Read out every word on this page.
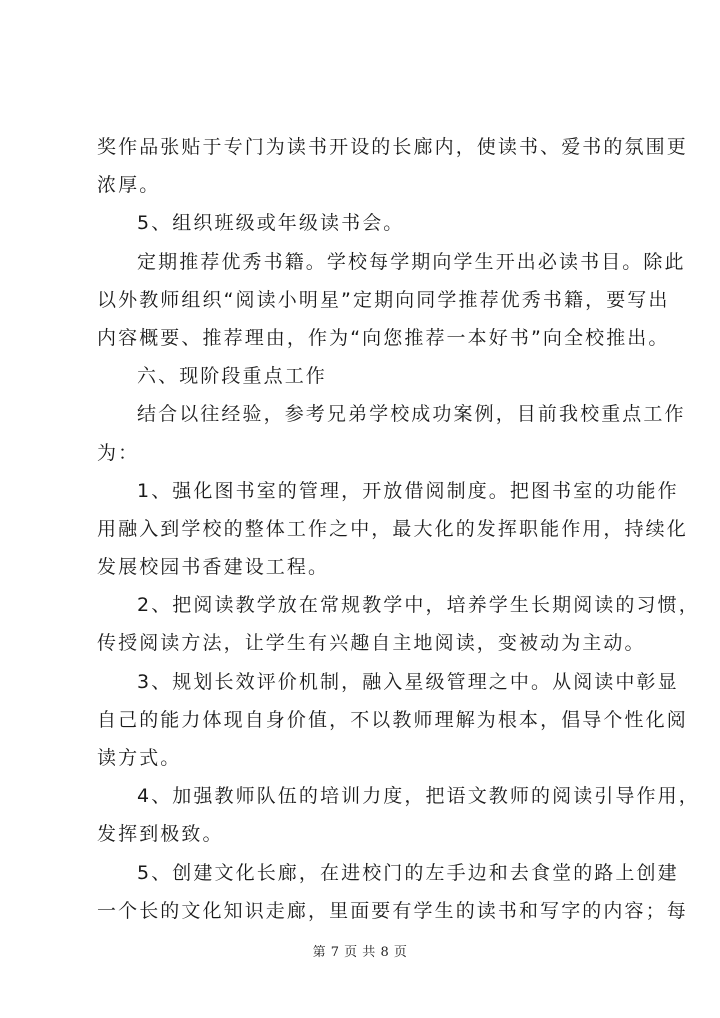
奖作品张贴于专门为读书开设的长廊内，使读书、爱书的氛围更
浓厚。
5、组织班级或年级读书会。
定期推荐优秀书籍。学校每学期向学生开出必读书目。除此
以外教师组织“阅读小明星”定期向同学推荐优秀书籍，要写出
内容概要、推荐理由，作为“向您推荐一本好书”向全校推出。
六、现阶段重点工作
结合以往经验，参考兄弟学校成功案例，目前我校重点工作
为：
1、强化图书室的管理，开放借阅制度。把图书室的功能作
用融入到学校的整体工作之中，最大化的发挥职能作用，持续化
发展校园书香建设工程。
2、把阅读教学放在常规教学中，培养学生长期阅读的习惯，
传授阅读方法，让学生有兴趣自主地阅读，变被动为主动。
3、规划长效评价机制，融入星级管理之中。从阅读中彰显
自己的能力体现自身价值，不以教师理解为根本，倡导个性化阅
读方式。
4、加强教师队伍的培训力度，把语文教师的阅读引导作用，
发挥到极致。
5、创建文化长廊，在进校门的左手边和去食堂的路上创建
一个长的文化知识走廊，里面要有学生的读书和写字的内容；每
第 7 页 共 8 页
